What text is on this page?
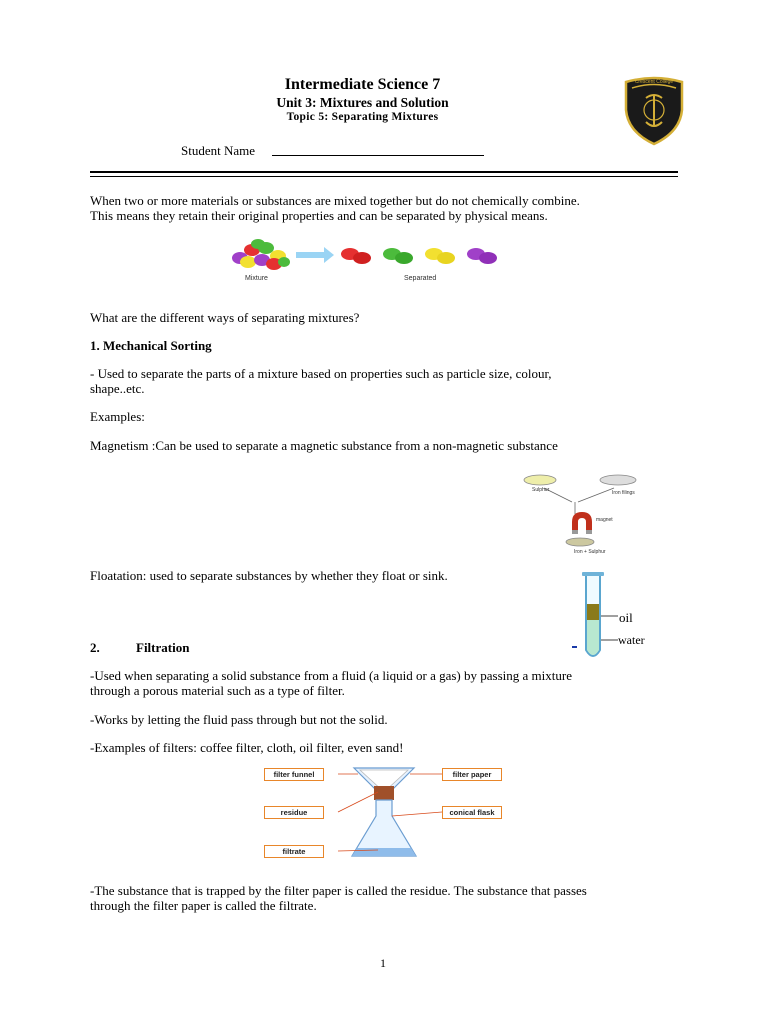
Intermediate Science 7
Unit 3: Mixtures and Solution
Topic 5: Separating Mixtures
Student Name
Crescent College
When two or more materials or substances are mixed together but do not chemically combine.
This means they retain their original properties and can be separated by physical means.
Mixture	Separated
What are the different ways of separating mixtures?
1. Mechanical Sorting
- Used to separate the parts of a mixture based on properties such as particle size, colour,
shape..etc.
Examples:
Magnetism :Can be used to separate a magnetic substance from a non-magnetic substance
Sulphur	Iron filings
magnet
Iron + Sulphur
Floatation: used to separate substances by whether they float or sink.
oil
water
2.	Filtration
-Used when separating a solid substance from a fluid (a liquid or a gas) by passing a mixture
through a porous material such as a type of filter.
-Works by letting the fluid pass through but not the solid.
-Examples of filters: coffee filter, cloth, oil filter, even sand!
filter funnel	filter paper
residue	conical flask
filtrate
-The substance that is trapped by the filter paper is called the residue. The substance that passes
through the filter paper is called the filtrate.
1
